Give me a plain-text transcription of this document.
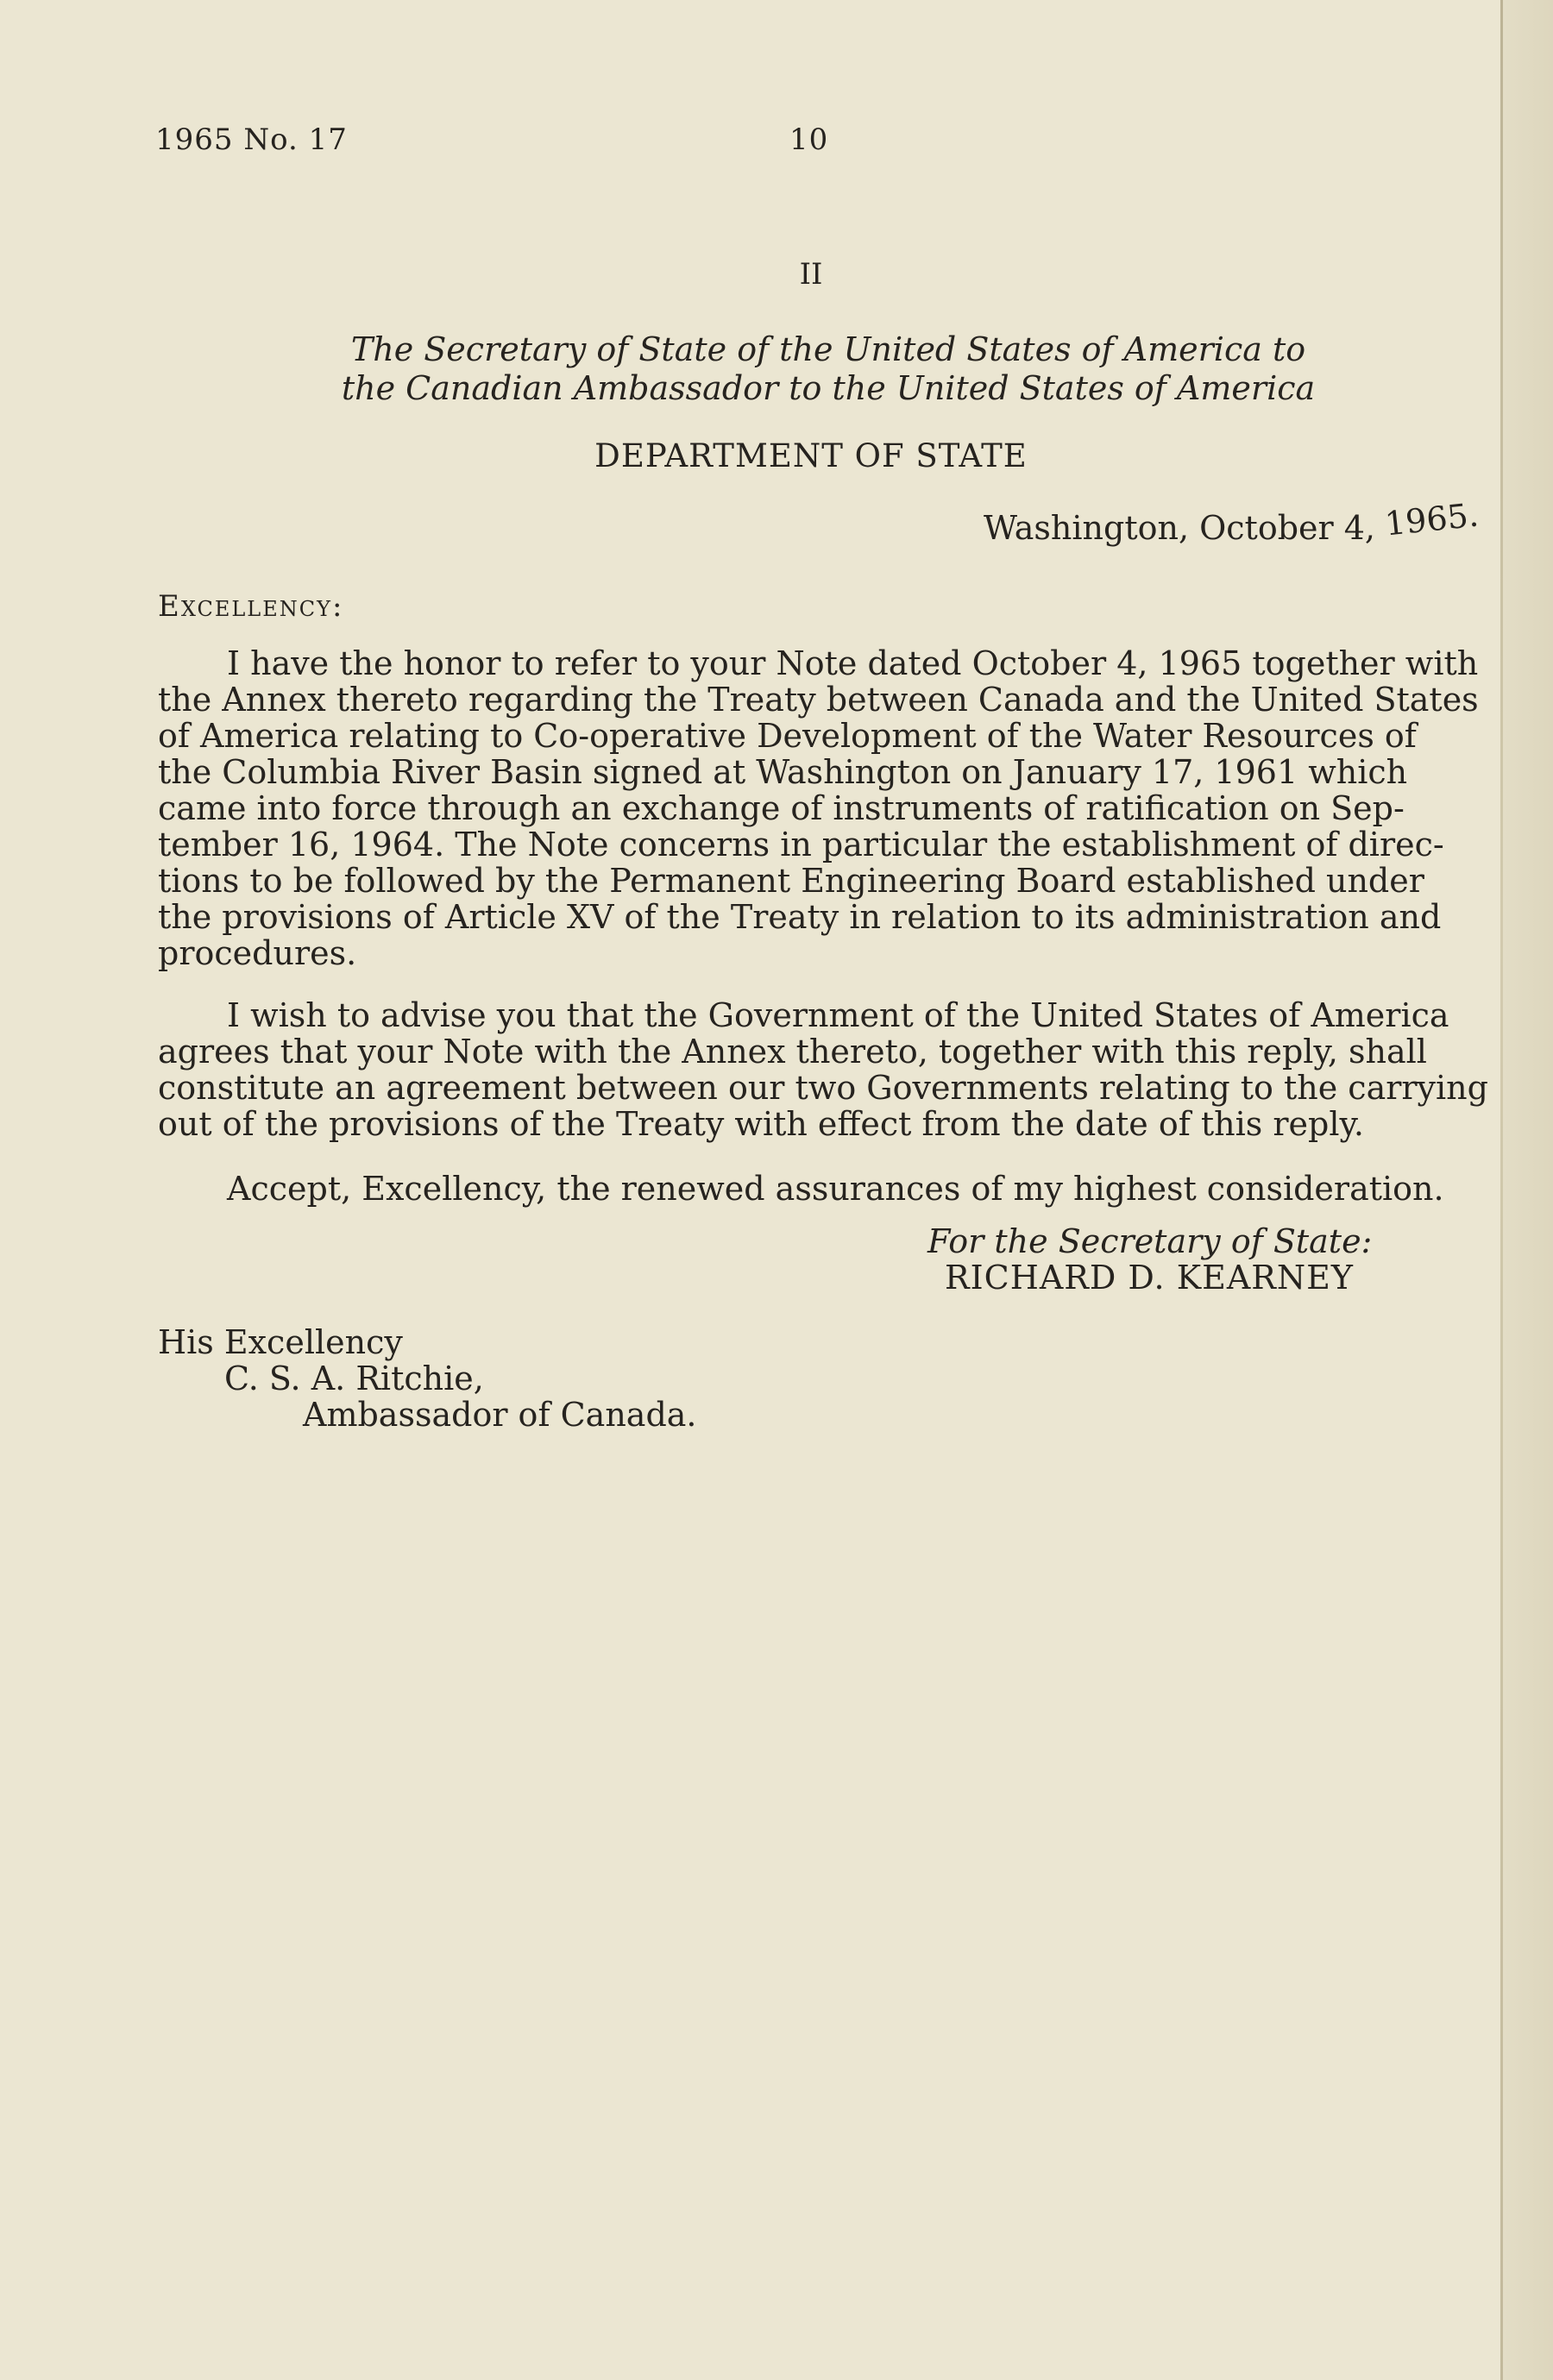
1965 No. 17	10
II
The Secretary of State of the United States of America to
the Canadian Ambassador to the United States of America
DEPARTMENT OF STATE
Washington, October 4, 1965.
Excellency:
I have the honor to refer to your Note dated October 4, 1965 together with
the Annex thereto regarding the Treaty between Canada and the United States
of America relating to Co-operative Development of the Water Resources of
the Columbia River Basin signed at Washington on January 17, 1961 which
came into force through an exchange of instruments of ratification on Sep-
tember 16, 1964. The Note concerns in particular the establishment of direc-
tions to be followed by the Permanent Engineering Board established under
the provisions of Article XV of the Treaty in relation to its administration and
procedures.
I wish to advise you that the Government of the United States of America
agrees that your Note with the Annex thereto, together with this reply, shall
constitute an agreement between our two Governments relating to the carrying
out of the provisions of the Treaty with effect from the date of this reply.
Accept, Excellency, the renewed assurances of my highest consideration.
For the Secretary of State:
RICHARD D. KEARNEY
His Excellency
C. S. A. Ritchie,
Ambassador of Canada.
